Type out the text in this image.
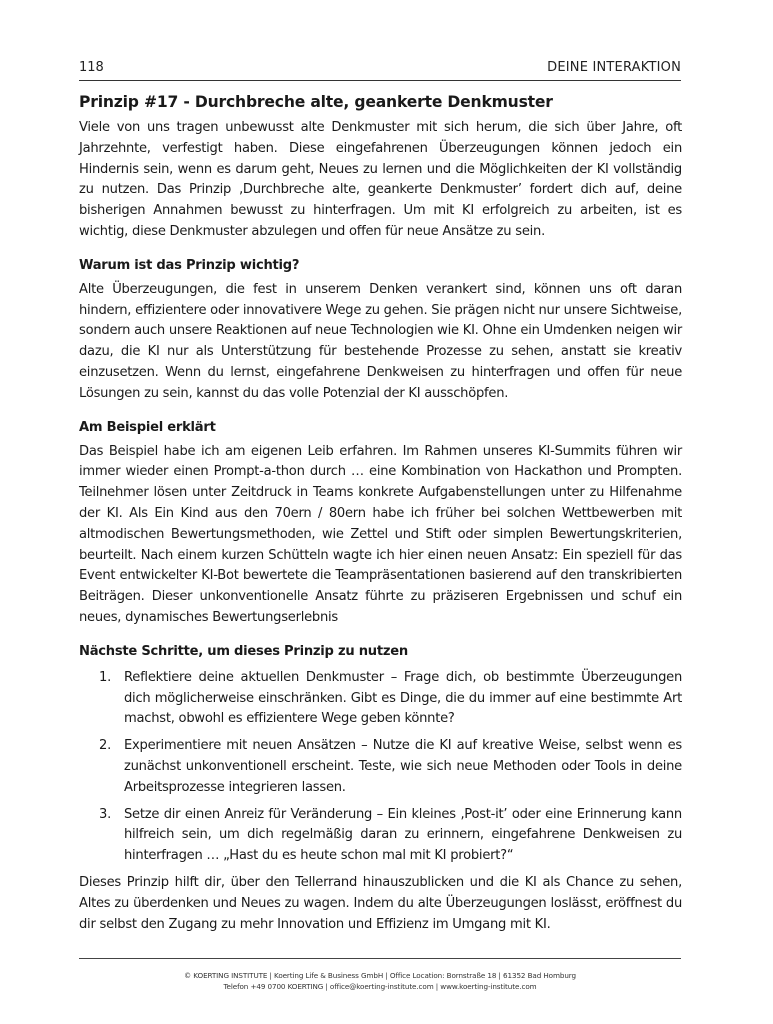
118	DEINE INTERAKTION
Prinzip #17 - Durchbreche alte, geankerte Denkmuster

Viele von uns tragen unbewusst alte Denkmuster mit sich herum, die sich über Jahre, oft Jahrzehnte, verfestigt haben. Diese eingefahrenen Überzeugungen können jedoch ein Hindernis sein, wenn es darum geht, Neues zu lernen und die Möglichkeiten der KI vollständig zu nutzen. Das Prinzip ‚Durchbreche alte, geankerte Denkmuster’ fordert dich auf, deine bisherigen Annahmen bewusst zu hinterfragen. Um mit KI erfolgreich zu arbeiten, ist es wichtig, diese Denkmuster abzulegen und offen für neue Ansätze zu sein.

Warum ist das Prinzip wichtig?

Alte Überzeugungen, die fest in unserem Denken verankert sind, können uns oft daran hindern, effizientere oder innovativere Wege zu gehen. Sie prägen nicht nur unsere Sichtweise, sondern auch unsere Reaktionen auf neue Technologien wie KI. Ohne ein Umdenken neigen wir dazu, die KI nur als Unterstützung für bestehende Prozesse zu sehen, anstatt sie kreativ einzusetzen. Wenn du lernst, eingefahrene Denkweisen zu hinterfragen und offen für neue Lösungen zu sein, kannst du das volle Potenzial der KI ausschöpfen.

Am Beispiel erklärt

Das Beispiel habe ich am eigenen Leib erfahren. Im Rahmen unseres KI-Summits führen wir immer wieder einen Prompt-a-thon durch … eine Kombination von Hackathon und Prompten. Teilnehmer lösen unter Zeitdruck in Teams konkrete Aufgabenstellungen unter zu Hilfenahme der KI. Als Ein Kind aus den 70ern / 80ern habe ich früher bei solchen Wettbewerben mit altmodischen Bewertungsmethoden, wie Zettel und Stift oder simplen Bewertungskriterien, beurteilt. Nach einem kurzen Schütteln wagte ich hier einen neuen Ansatz: Ein speziell für das Event entwickelter KI-Bot bewertete die Teampräsentationen basierend auf den transkribierten Beiträgen. Dieser unkonventionelle Ansatz führte zu präziseren Ergebnissen und schuf ein neues, dynamisches Bewertungserlebnis

Nächste Schritte, um dieses Prinzip zu nutzen
1. Reflektiere deine aktuellen Denkmuster – Frage dich, ob bestimmte Überzeugungen dich möglicherweise einschränken. Gibt es Dinge, die du immer auf eine bestimmte Art machst, obwohl es effizientere Wege geben könnte?
2. Experimentiere mit neuen Ansätzen – Nutze die KI auf kreative Weise, selbst wenn es zunächst unkonventionell erscheint. Teste, wie sich neue Methoden oder Tools in deine Arbeitsprozesse integrieren lassen.
3. Setze dir einen Anreiz für Veränderung – Ein kleines ‚Post-it’ oder eine Erinnerung kann hilfreich sein, um dich regelmäßig daran zu erinnern, eingefahrene Denkweisen zu hinterfragen … „Hast du es heute schon mal mit KI probiert?“

Dieses Prinzip hilft dir, über den Tellerrand hinauszublicken und die KI als Chance zu sehen, Altes zu überdenken und Neues zu wagen. Indem du alte Überzeugungen loslässt, eröffnest du dir selbst den Zugang zu mehr Innovation und Effizienz im Umgang mit KI.

© KOERTING INSTITUTE | Koerting Life & Business GmbH | Office Location: Bornstraße 18 | 61352 Bad Homburg
Telefon +49 0700 KOERTING | office@koerting-institute.com | www.koerting-institute.com
